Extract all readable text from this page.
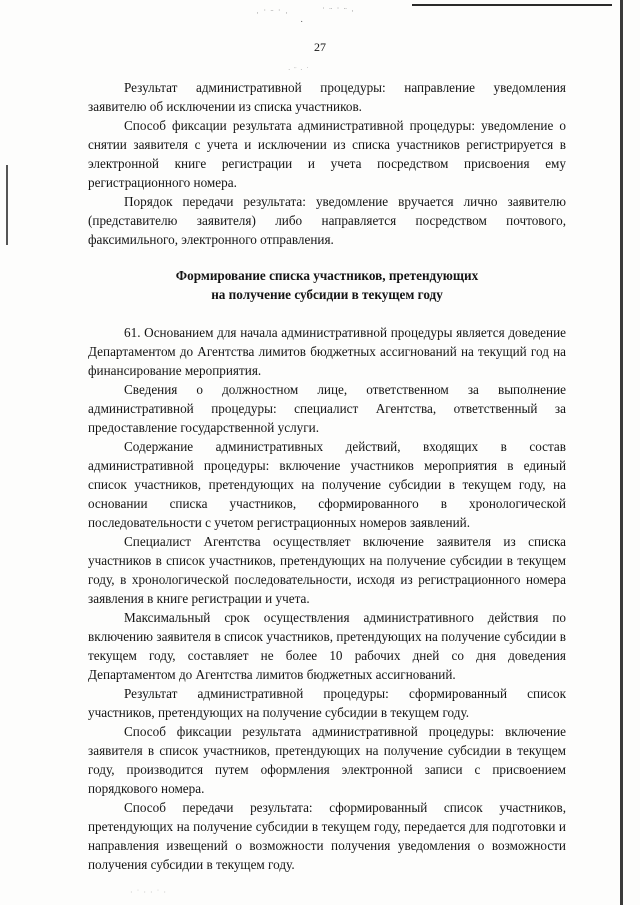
· ˙ ¨ ˙ ·	˙ ¨ ˙ ¨ ·
· ¨ · ˙
˙
· ˙ · · ˙ ·
27

Результат административной процедуры: направление уведомления заявителю об исключении из списка участников.

Способ фиксации результата административной процедуры: уведомление о снятии заявителя с учета и исключении из списка участников регистрируется в электронной книге регистрации и учета посредством присвоения ему регистрационного номера.

Порядок передачи результата: уведомление вручается лично заявителю (представителю заявителя) либо направляется посредством почтового, факсимильного, электронного отправления.

Формирование списка участников, претендующих
на получение субсидии в текущем году

61. Основанием для начала административной процедуры является доведение Департаментом до Агентства лимитов бюджетных ассигнований на текущий год на финансирование мероприятия.

Сведения о должностном лице, ответственном за выполнение административной процедуры: специалист Агентства, ответственный за предоставление государственной услуги.

Содержание административных действий, входящих в состав административной процедуры: включение участников мероприятия в единый список участников, претендующих на получение субсидии в текущем году, на основании списка участников, сформированного в хронологической последовательности с учетом регистрационных номеров заявлений.

Специалист Агентства осуществляет включение заявителя из списка участников в список участников, претендующих на получение субсидии в текущем году, в хронологической последовательности, исходя из регистрационного номера заявления в книге регистрации и учета.

Максимальный срок осуществления административного действия по включению заявителя в список участников, претендующих на получение субсидии в текущем году, составляет не более 10 рабочих дней со дня доведения Департаментом до Агентства лимитов бюджетных ассигнований.

Результат административной процедуры: сформированный список участников, претендующих на получение субсидии в текущем году.

Способ фиксации результата административной процедуры: включение заявителя в список участников, претендующих на получение субсидии в текущем году, производится путем оформления электронной записи с присвоением порядкового номера.

Способ передачи результата: сформированный список участников, претендующих на получение субсидии в текущем году, передается для подготовки и направления извещений о возможности получения уведомления о возможности получения субсидии в текущем году.
